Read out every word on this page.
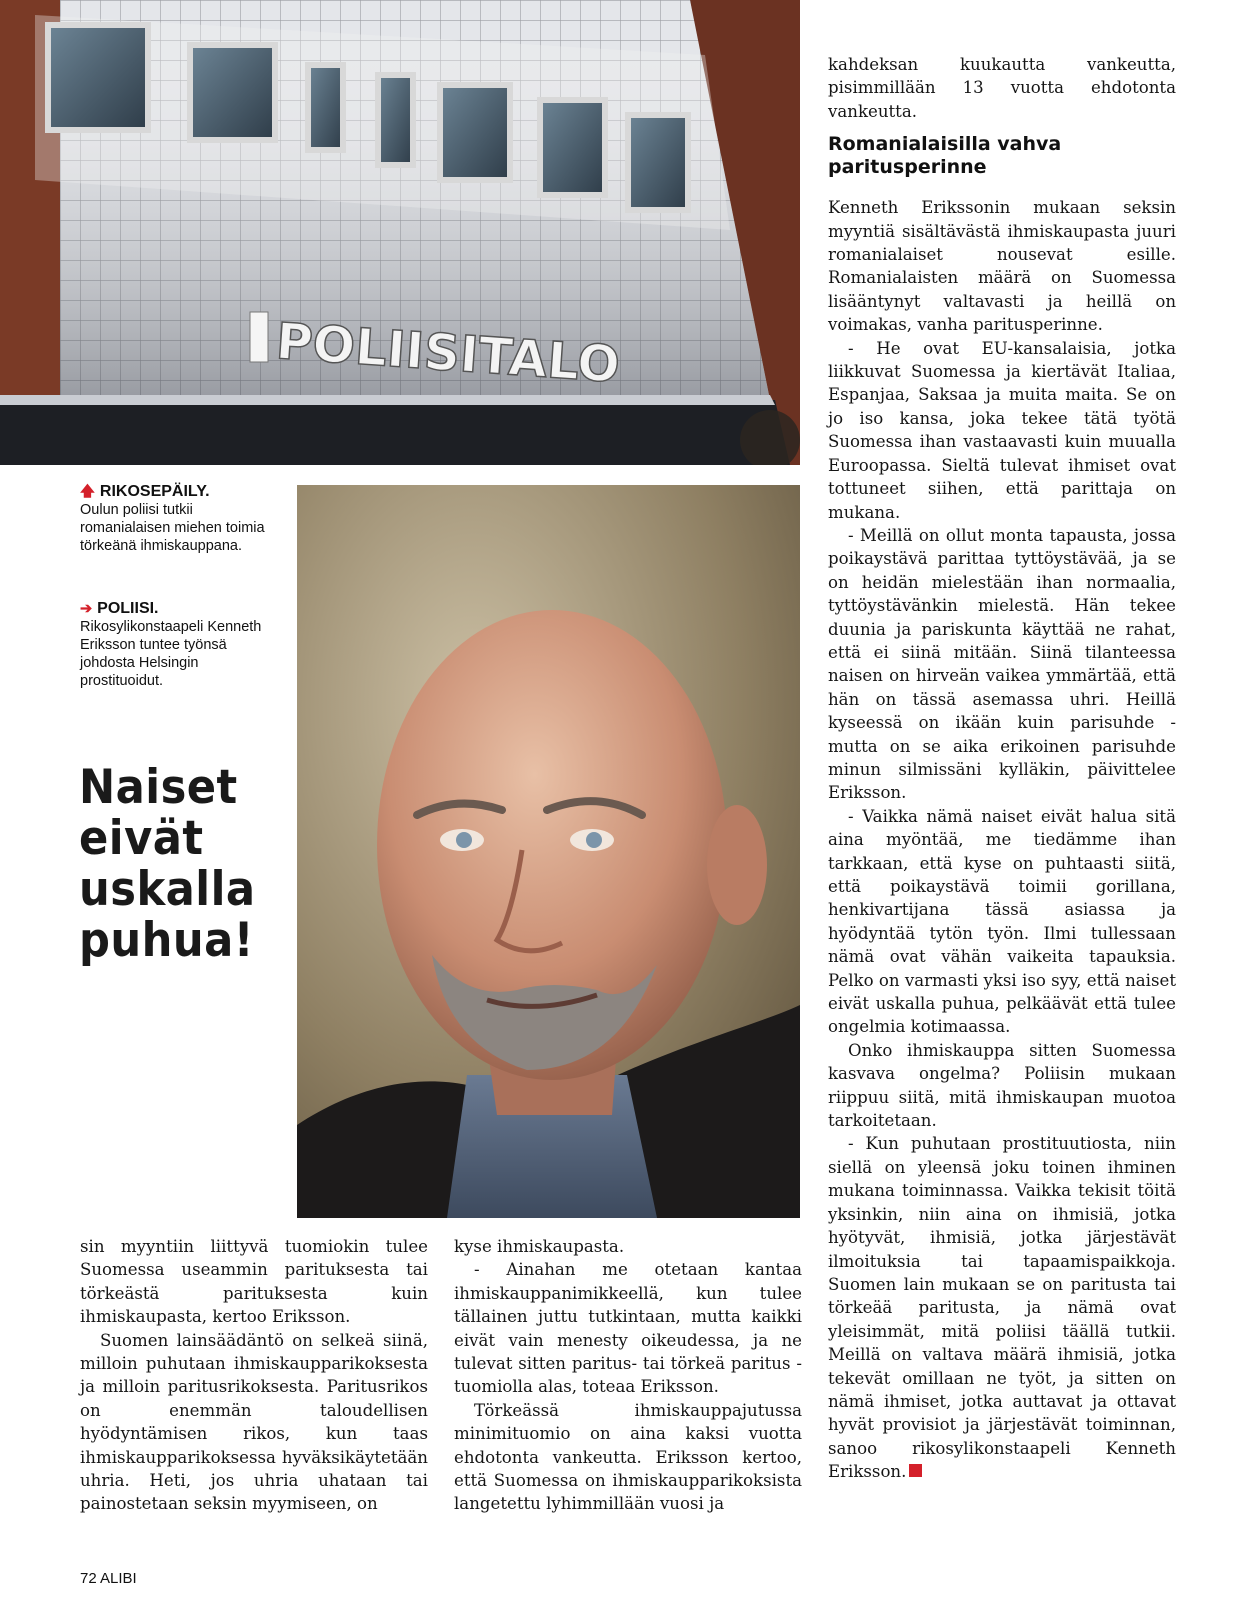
POLIISITALO
🡅 RIKOSEPÄILY.
Oulun poliisi tutkii romanialaisen miehen toimia törkeänä ihmiskauppana.
➔ POLIISI.
Rikosylikonstaapeli Kenneth Eriksson tuntee työnsä johdosta Helsingin prostituoidut.
Naiset
eivät
uskalla
puhua!

sin myyntiin liittyvä tuomiokin tulee Suomessa useammin parituksesta tai törkeästä parituksesta kuin ihmiskaupasta, kertoo Eriksson.

Suomen lainsäädäntö on selkeä siinä, milloin puhutaan ihmiskaupparikoksesta ja milloin paritusrikoksesta. Paritusrikos on enemmän taloudellisen hyödyntämisen rikos, kun taas ihmiskaupparikoksessa hyväksikäytetään uhria. Heti, jos uhria uhataan tai painostetaan seksin myymiseen, on

kyse ihmiskaupasta.

- Ainahan me otetaan kantaa ihmiskauppanimikkeellä, kun tulee tällainen juttu tutkintaan, mutta kaikki eivät vain menesty oikeudessa, ja ne tulevat sitten paritus- tai törkeä paritus -tuomiolla alas, toteaa Eriksson.

Törkeässä ihmiskauppajutussa minimituomio on aina kaksi vuotta ehdotonta vankeutta. Eriksson kertoo, että Suomessa on ihmiskaupparikoksista langetettu lyhimmillään vuosi ja

kahdeksan kuukautta vankeutta, pisimmillään 13 vuotta ehdotonta vankeutta.

Romanialaisilla vahva paritusperinne

Kenneth Erikssonin mukaan seksin myyntiä sisältävästä ihmiskaupasta juuri romanialaiset nousevat esille. Romanialaisten määrä on Suomessa lisääntynyt valtavasti ja heillä on voimakas, vanha paritusperinne.

- He ovat EU-kansalaisia, jotka liikkuvat Suomessa ja kiertävät Italiaa, Espanjaa, Saksaa ja muita maita. Se on jo iso kansa, joka tekee tätä työtä Suomessa ihan vastaavasti kuin muualla Euroopassa. Sieltä tulevat ihmiset ovat tottuneet siihen, että parittaja on mukana.

- Meillä on ollut monta tapausta, jossa poikaystävä parittaa tyttöystävää, ja se on heidän mielestään ihan normaalia, tyttöystävänkin mielestä. Hän tekee duunia ja pariskunta käyttää ne rahat, että ei siinä mitään. Siinä tilanteessa naisen on hirveän vaikea ymmärtää, että hän on tässä asemassa uhri. Heillä kyseessä on ikään kuin parisuhde - mutta on se aika erikoinen parisuhde minun silmissäni kylläkin, päivittelee Eriksson.

- Vaikka nämä naiset eivät halua sitä aina myöntää, me tiedämme ihan tarkkaan, että kyse on puhtaasti siitä, että poikaystävä toimii gorillana, henkivartijana tässä asiassa ja hyödyntää tytön työn. Ilmi tullessaan nämä ovat vähän vaikeita tapauksia. Pelko on varmasti yksi iso syy, että naiset eivät uskalla puhua, pelkäävät että tulee ongelmia kotimaassa.

Onko ihmiskauppa sitten Suomessa kasvava ongelma? Poliisin mukaan riippuu siitä, mitä ihmiskaupan muotoa tarkoitetaan.

- Kun puhutaan prostituutiosta, niin siellä on yleensä joku toinen ihminen mukana toiminnassa. Vaikka tekisit töitä yksinkin, niin aina on ihmisiä, jotka hyötyvät, ihmisiä, jotka järjestävät ilmoituksia tai tapaamispaikkoja. Suomen lain mukaan se on paritusta tai törkeää paritusta, ja nämä ovat yleisimmät, mitä poliisi täällä tutkii. Meillä on valtava määrä ihmisiä, jotka tekevät omillaan ne työt, ja sitten on nämä ihmiset, jotka auttavat ja ottavat hyvät provisiot ja järjestävät toiminnan, sanoo rikosylikonstaapeli Kenneth Eriksson.

72 ALIBI
